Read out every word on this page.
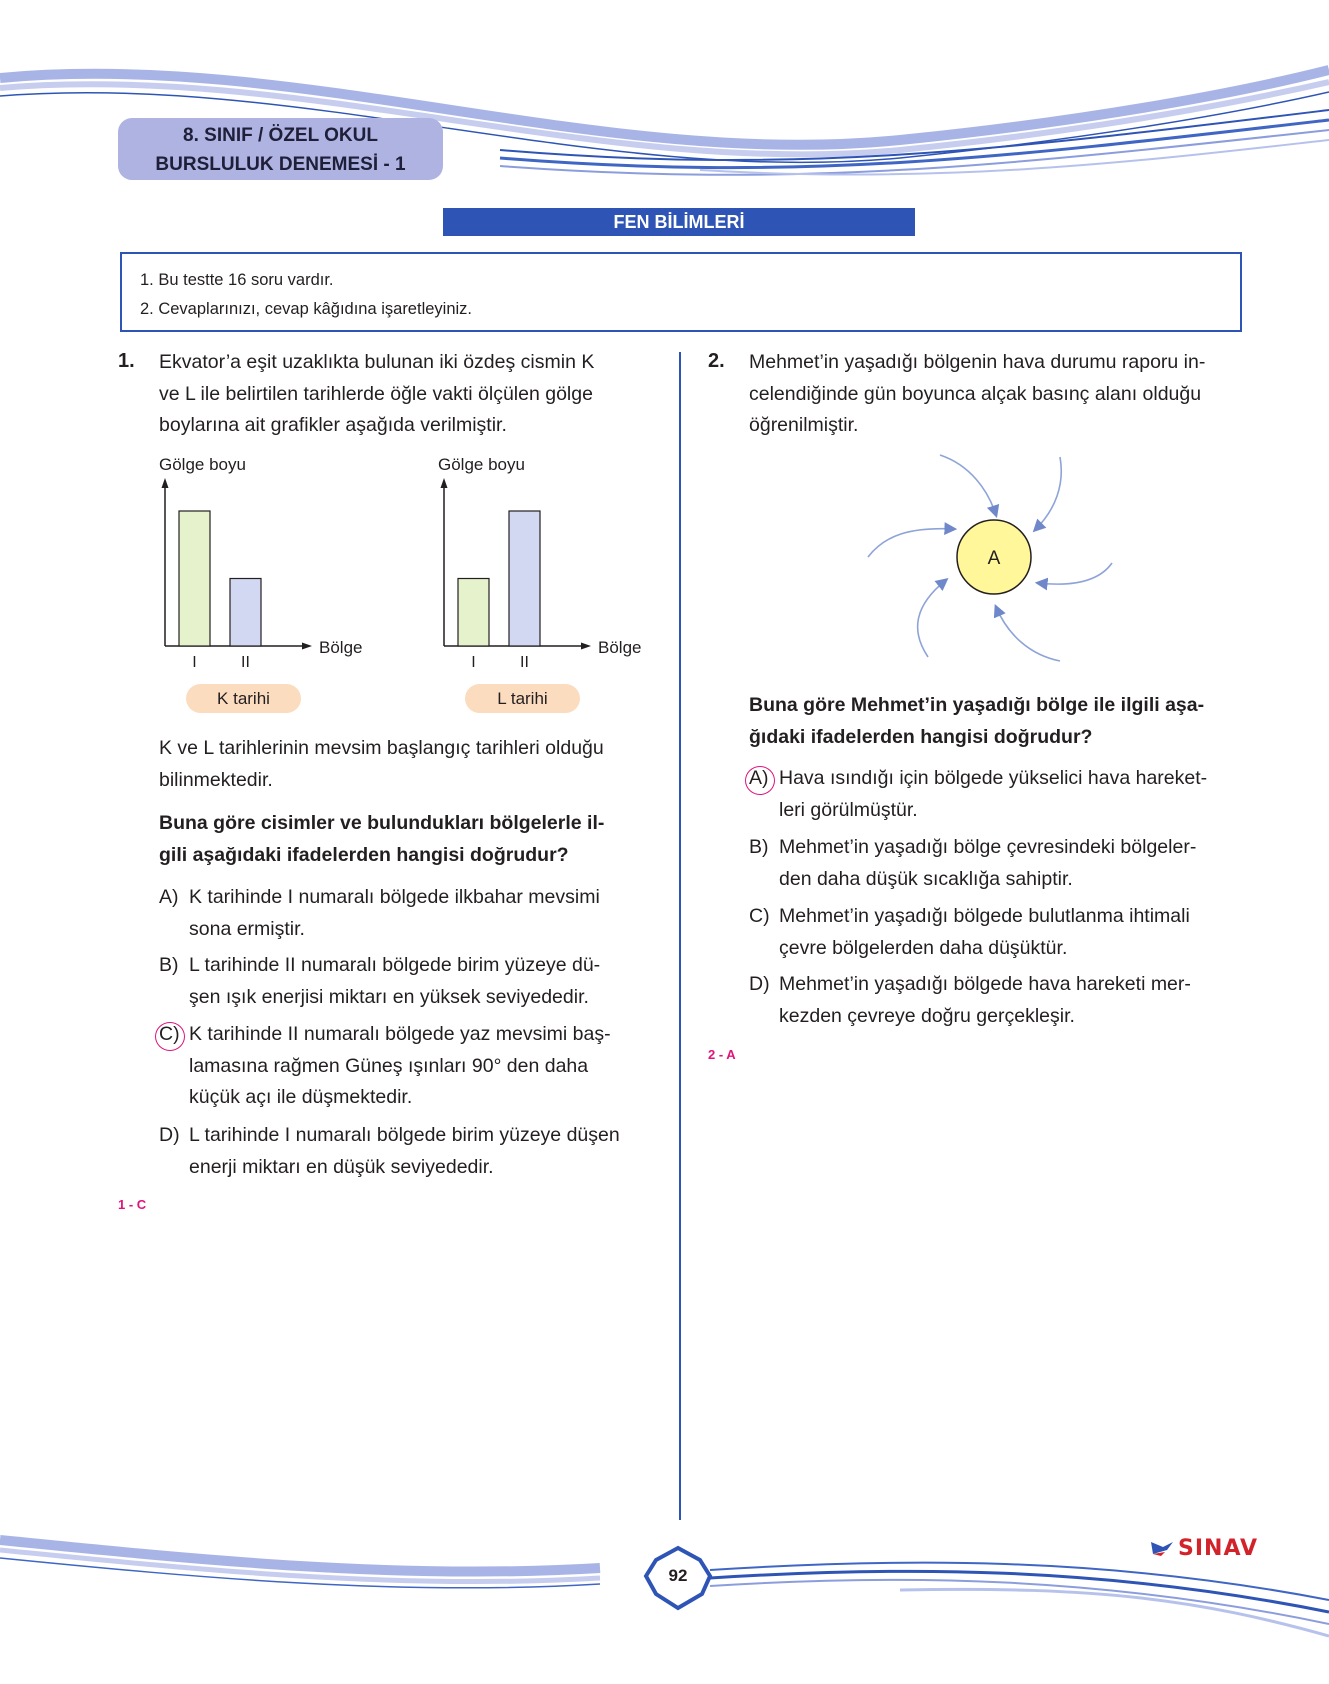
8. SINIF / ÖZEL OKUL
BURSLULUK DENEMESİ - 1
FEN BİLİMLERİ
1. Bu testte 16 soru vardır.
2. Cevaplarınızı, cevap kâğıdına işaretleyiniz.
1. Ekvator’a eşit uzaklıkta bulunan iki özdeş cismin K
ve L ile belirtilen tarihlerde öğle vakti ölçülen gölge
boylarına ait grafikler aşağıda verilmiştir.
Gölge boyu
Bölge
I	II
K tarihi
Gölge boyu
Bölge
I	II
L tarihi
K ve L tarihlerinin mevsim başlangıç tarihleri olduğu
bilinmektedir.
Buna göre cisimler ve bulundukları bölgelerle il-
gili aşağıdaki ifadelerden hangisi doğrudur?
A) K tarihinde I numaralı bölgede ilkbahar mevsimi
sona ermiştir.
B) L tarihinde II numaralı bölgede birim yüzeye dü-
şen ışık enerjisi miktarı en yüksek seviyededir.
C) K tarihinde II numaralı bölgede yaz mevsimi baş-
lamasına rağmen Güneş ışınları 90° den daha
küçük açı ile düşmektedir.
D) L tarihinde I numaralı bölgede birim yüzeye düşen
enerji miktarı en düşük seviyededir.
1 - C
2. Mehmet’in yaşadığı bölgenin hava durumu raporu in-
celendiğinde gün boyunca alçak basınç alanı olduğu
öğrenilmiştir.
A
Buna göre Mehmet’in yaşadığı bölge ile ilgili aşa-
ğıdaki ifadelerden hangisi doğrudur?
A) Hava ısındığı için bölgede yükselici hava hareket-
leri görülmüştür.
B) Mehmet’in yaşadığı bölge çevresindeki bölgeler-
den daha düşük sıcaklığa sahiptir.
C) Mehmet’in yaşadığı bölgede bulutlanma ihtimali
çevre bölgelerden daha düşüktür.
D) Mehmet’in yaşadığı bölgede hava hareketi mer-
kezden çevreye doğru gerçekleşir.
2 - A
92
SINAV
